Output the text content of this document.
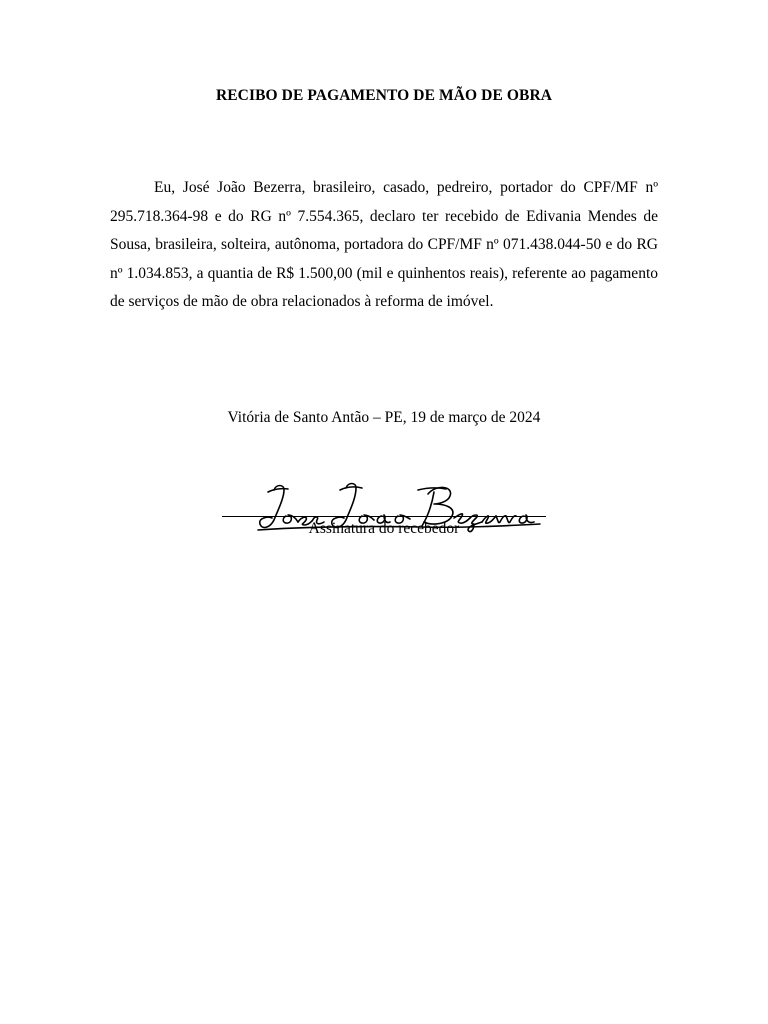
RECIBO DE PAGAMENTO DE MÃO DE OBRA

Eu, José João Bezerra, brasileiro, casado, pedreiro, portador do CPF/MF nº 295.718.364-98 e do RG nº 7.554.365, declaro ter recebido de Edivania Mendes de Sousa, brasileira, solteira, autônoma, portadora do CPF/MF nº 071.438.044-50 e do RG nº 1.034.853, a quantia de R$ 1.500,00 (mil e quinhentos reais), referente ao pagamento de serviços de mão de obra relacionados à reforma de imóvel.

Vitória de Santo Antão – PE, 19 de março de 2024
Assinatura do recebedor
